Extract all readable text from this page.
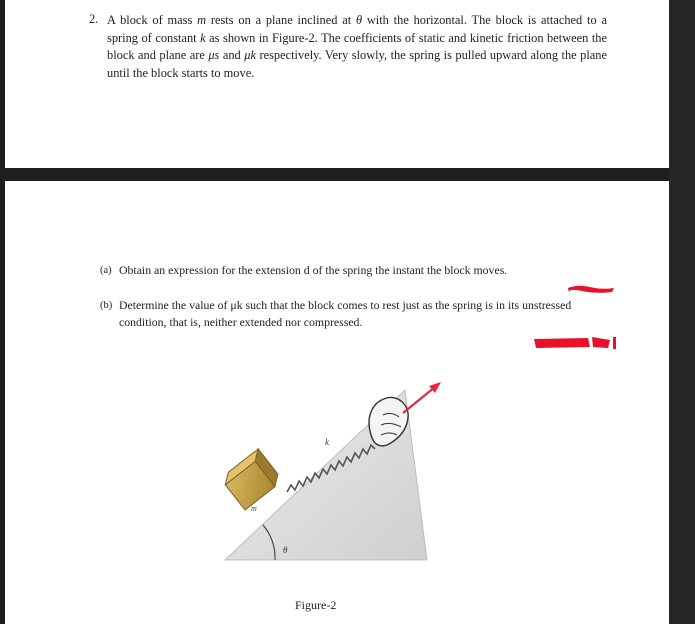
2. A block of mass m rests on a plane inclined at θ with the horizontal. The block is attached to a spring of constant k as shown in Figure-2. The coefficients of static and kinetic friction between the block and plane are μs and μk respectively. Very slowly, the spring is pulled upward along the plane until the block starts to move.
(a) Obtain an expression for the extension d of the spring the instant the block moves.
(b) Determine the value of μk such that the block comes to rest just as the spring is in its unstressed condition, that is, neither extended nor compressed.
k
m
θ
Figure-2
